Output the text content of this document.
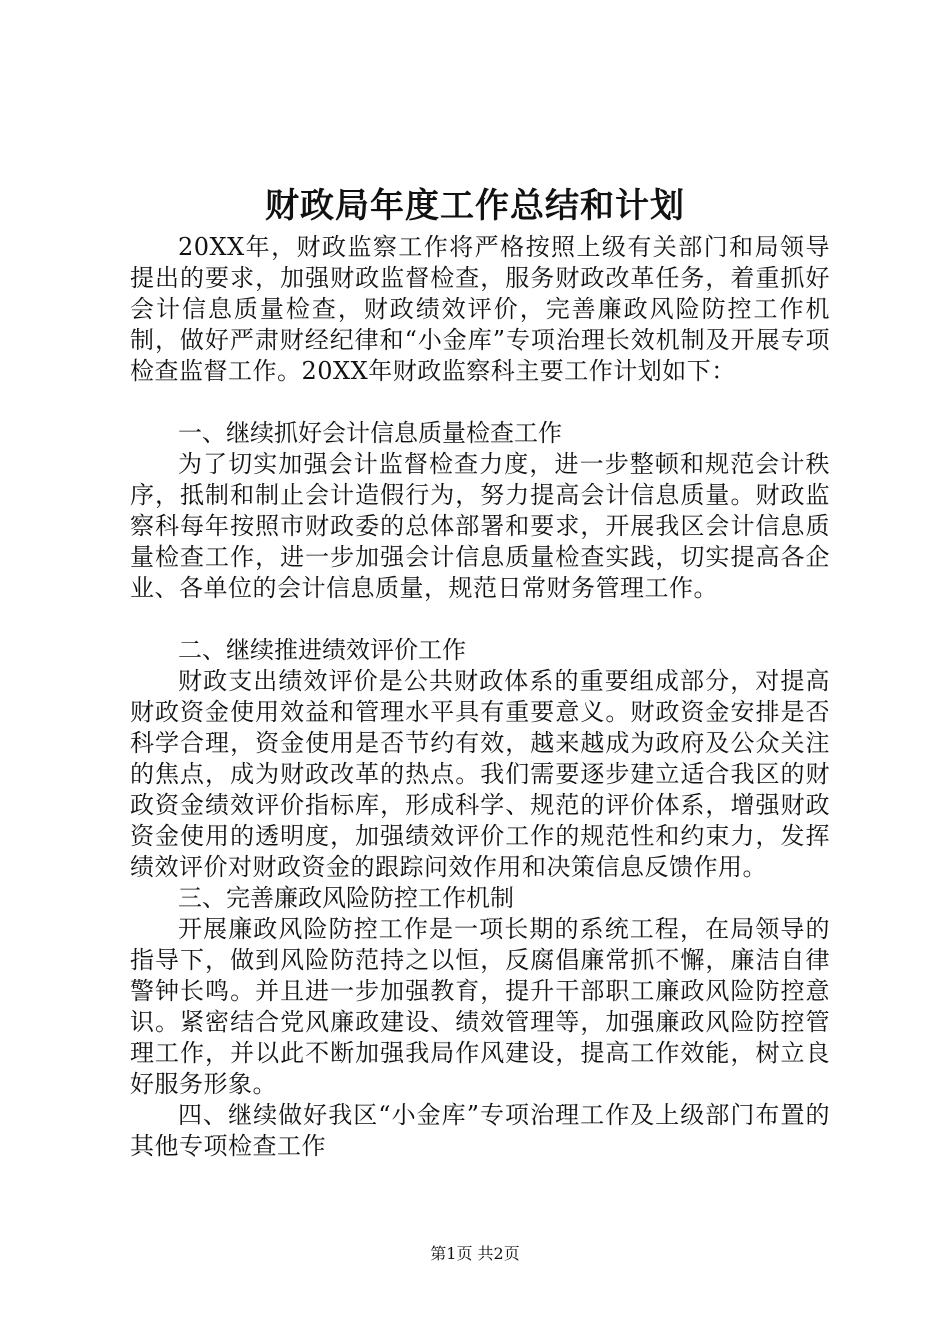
财政局年度工作总结和计划

20XX年，财政监察工作将严格按照上级有关部门和局领导提出的要求，加强财政监督检查，服务财政改革任务，着重抓好会计信息质量检查，财政绩效评价，完善廉政风险防控工作机制，做好严肃财经纪律和“小金库”专项治理长效机制及开展专项检查监督工作。20XX年财政监察科主要工作计划如下：

一、继续抓好会计信息质量检查工作

为了切实加强会计监督检查力度，进一步整顿和规范会计秩序，抵制和制止会计造假行为，努力提高会计信息质量。财政监察科每年按照市财政委的总体部署和要求，开展我区会计信息质量检查工作，进一步加强会计信息质量检查实践，切实提高各企业、各单位的会计信息质量，规范日常财务管理工作。

二、继续推进绩效评价工作

财政支出绩效评价是公共财政体系的重要组成部分，对提高财政资金使用效益和管理水平具有重要意义。财政资金安排是否科学合理，资金使用是否节约有效，越来越成为政府及公众关注的焦点，成为财政改革的热点。我们需要逐步建立适合我区的财政资金绩效评价指标库，形成科学、规范的评价体系，增强财政资金使用的透明度，加强绩效评价工作的规范性和约束力，发挥绩效评价对财政资金的跟踪问效作用和决策信息反馈作用。

三、完善廉政风险防控工作机制

开展廉政风险防控工作是一项长期的系统工程，在局领导的指导下，做到风险防范持之以恒，反腐倡廉常抓不懈，廉洁自律警钟长鸣。并且进一步加强教育，提升干部职工廉政风险防控意识。紧密结合党风廉政建设、绩效管理等，加强廉政风险防控管理工作，并以此不断加强我局作风建设，提高工作效能，树立良好服务形象。

四、继续做好我区“小金库”专项治理工作及上级部门布置的其他专项检查工作

第1页 共2页
